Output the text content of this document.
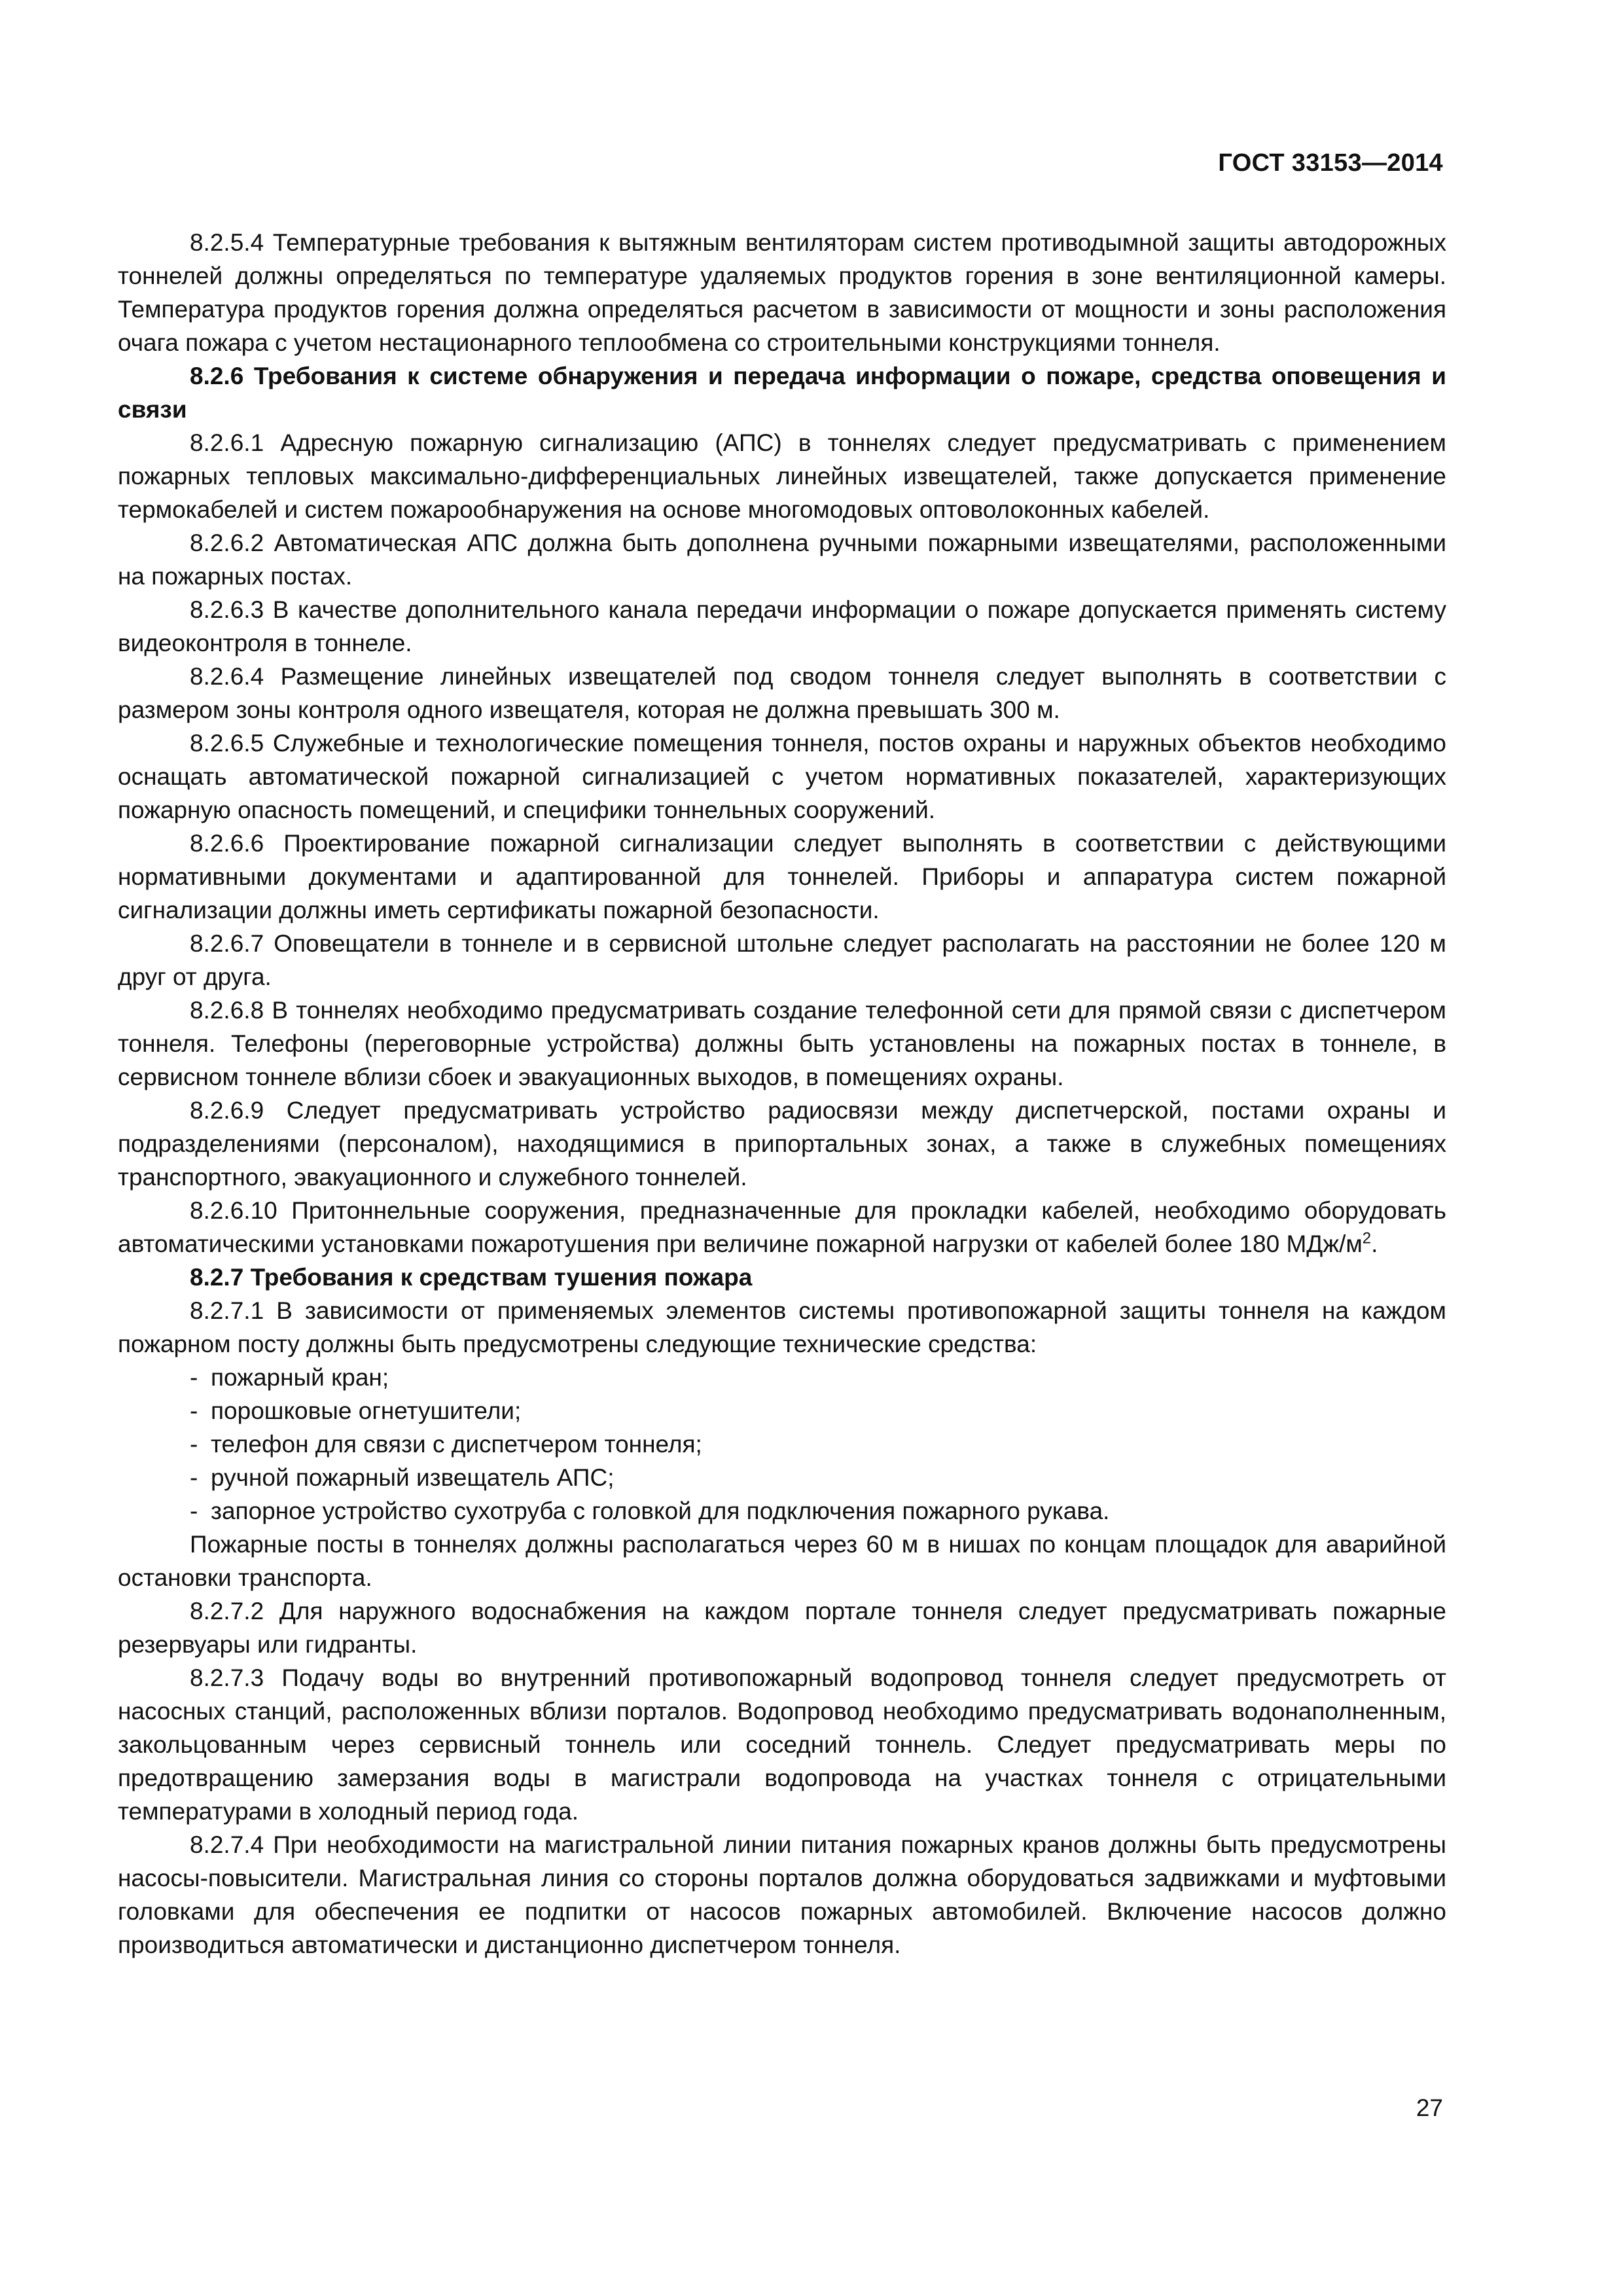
ГОСТ 33153—2014

8.2.5.4 Температурные требования к вытяжным вентиляторам систем противодымной защиты автодорожных тоннелей должны определяться по температуре удаляемых продуктов горения в зоне вентиляционной камеры. Температура продуктов горения должна определяться расчетом в зависимости от мощности и зоны расположения очага пожара с учетом нестационарного теплообмена со строительными конструкциями тоннеля.

8.2.6 Требования к системе обнаружения и передача информации о пожаре, средства оповещения и связи

8.2.6.1 Адресную пожарную сигнализацию (АПС) в тоннелях следует предусматривать с применением пожарных тепловых максимально-дифференциальных линейных извещателей, также допускается применение термокабелей и систем пожарообнаружения на основе многомодовых оптоволоконных кабелей.

8.2.6.2 Автоматическая АПС должна быть дополнена ручными пожарными извещателями, расположенными на пожарных постах.

8.2.6.3 В качестве дополнительного канала передачи информации о пожаре допускается применять систему видеоконтроля в тоннеле.

8.2.6.4 Размещение линейных извещателей под сводом тоннеля следует выполнять в соответствии с размером зоны контроля одного извещателя, которая не должна превышать 300 м.

8.2.6.5 Служебные и технологические помещения тоннеля, постов охраны и наружных объектов необходимо оснащать автоматической пожарной сигнализацией с учетом нормативных показателей, характеризующих пожарную опасность помещений, и специфики тоннельных сооружений.

8.2.6.6 Проектирование пожарной сигнализации следует выполнять в соответствии с действующими нормативными документами и адаптированной для тоннелей. Приборы и аппаратура систем пожарной сигнализации должны иметь сертификаты пожарной безопасности.

8.2.6.7 Оповещатели в тоннеле и в сервисной штольне следует располагать на расстоянии не более 120 м друг от друга.

8.2.6.8 В тоннелях необходимо предусматривать создание телефонной сети для прямой связи с диспетчером тоннеля. Телефоны (переговорные устройства) должны быть установлены на пожарных постах в тоннеле, в сервисном тоннеле вблизи сбоек и эвакуационных выходов, в помещениях охраны.

8.2.6.9 Следует предусматривать устройство радиосвязи между диспетчерской, постами охраны и подразделениями (персоналом), находящимися в припортальных зонах, а также в служебных помещениях транспортного, эвакуационного и служебного тоннелей.

8.2.6.10 Притоннельные сооружения, предназначенные для прокладки кабелей, необходимо оборудовать автоматическими установками пожаротушения при величине пожарной нагрузки от кабелей более 180 МДж/$м^2$.

8.2.7 Требования к средствам тушения пожара

8.2.7.1 В зависимости от применяемых элементов системы противопожарной защиты тоннеля на каждом пожарном посту должны быть предусмотрены следующие технические средства:

- пожарный кран;

- порошковые огнетушители;

- телефон для связи с диспетчером тоннеля;

- ручной пожарный извещатель АПС;

- запорное устройство сухотруба с головкой для подключения пожарного рукава.

Пожарные посты в тоннелях должны располагаться через 60 м в нишах по концам площадок для аварийной остановки транспорта.

8.2.7.2 Для наружного водоснабжения на каждом портале тоннеля следует предусматривать пожарные резервуары или гидранты.

8.2.7.3 Подачу воды во внутренний противопожарный водопровод тоннеля следует предусмотреть от насосных станций, расположенных вблизи порталов. Водопровод необходимо предусматривать водонаполненным, закольцованным через сервисный тоннель или соседний тоннель. Следует предусматривать меры по предотвращению замерзания воды в магистрали водопровода на участках тоннеля с отрицательными температурами в холодный период года.

8.2.7.4 При необходимости на магистральной линии питания пожарных кранов должны быть предусмотрены насосы-повысители. Магистральная линия со стороны порталов должна оборудоваться задвижками и муфтовыми головками для обеспечения ее подпитки от насосов пожарных автомобилей. Включение насосов должно производиться автоматически и дистанционно диспетчером тоннеля.

27
